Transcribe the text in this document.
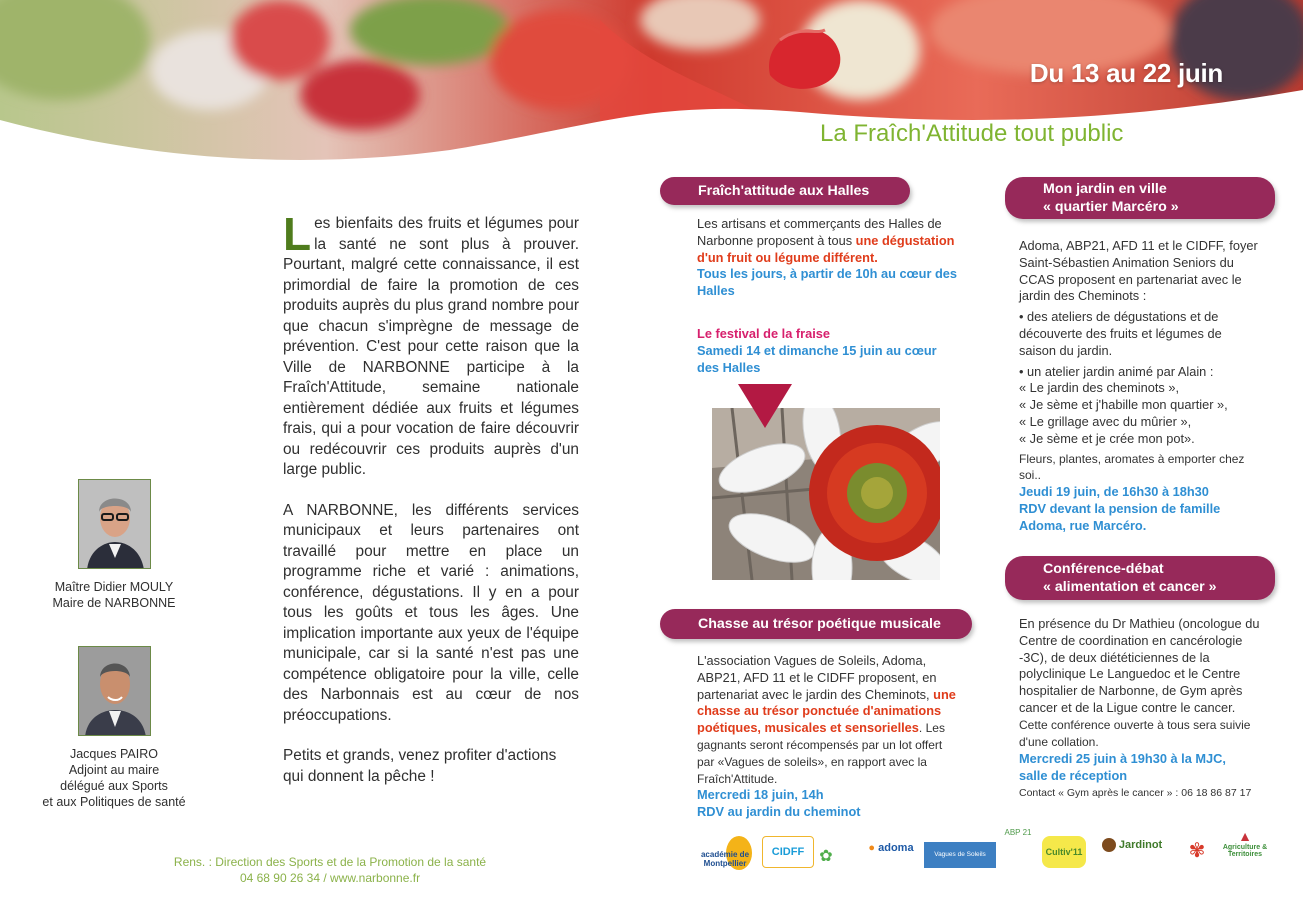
Du 13 au 22 juin
La Fraîch'Attitude tout public

Les bienfaits des fruits et légumes pour la santé ne sont plus à prouver. Pourtant, malgré cette connaissance, il est primordial de faire la promotion de ces produits auprès du plus grand nombre pour que chacun s'imprègne de message de prévention. C'est pour cette raison que la Ville de NARBONNE participe à la Fraîch'Attitude, semaine nationale entièrement dédiée aux fruits et légumes frais, qui a pour vocation de faire découvrir ou redécouvrir ces produits auprès d'un large public.

A NARBONNE, les différents services municipaux et leurs partenaires ont travaillé pour mettre en place un programme riche et varié : animations, conférence, dégustations. Il y en a pour tous les goûts et tous les âges. Une implication importante aux yeux de l'équipe municipale, car si la santé n'est pas une compétence obligatoire pour la ville, celle des Narbonnais est au cœur de nos préoccupations.

Petits et grands, venez profiter d'actions qui donnent la pêche !

Maître Didier MOULY
Maire de NARBONNE
Jacques PAIRO
Adjoint au maire
délégué aux Sports
et aux Politiques de santé
Rens. : Direction des Sports et de la Promotion de la santé
04 68 90 26 34 / www.narbonne.fr
Fraîch'attitude aux Halles
Les artisans et commerçants des Halles de Narbonne proposent à tous une dégustation d'un fruit ou légume différent.
Tous les jours, à partir de 10h au cœur des Halles
Le festival de la fraise
Samedi 14 et dimanche 15 juin au cœur des Halles
Chasse au trésor poétique musicale
L'association Vagues de Soleils, Adoma, ABP21, AFD 11 et le CIDFF proposent, en partenariat avec le jardin des Cheminots, une chasse au trésor ponctuée d'animations poétiques, musicales et sensorielles. Les gagnants seront récompensés par un lot offert par «Vagues de soleils», en rapport avec la Fraîch'Attitude.
Mercredi 18 juin, 14h
RDV au jardin du cheminot
Mon jardin en ville
« quartier Marcéro »
Adoma, ABP21, AFD 11 et le CIDFF, foyer Saint-Sébastien Animation Seniors du CCAS proposent en partenariat avec le jardin des Cheminots :
• des ateliers de dégustations et de découverte des fruits et légumes de saison du jardin.
• un atelier jardin animé par Alain :
« Le jardin des cheminots »,
« Je sème et j'habille mon quartier »,
« Le grillage avec du mûrier »,
« Je sème et je crée mon pot».
Fleurs, plantes, aromates à emporter chez soi..
Jeudi 19 juin, de 16h30 à 18h30
RDV devant la pension de famille Adoma, rue Marcéro.
Conférence-débat
« alimentation et cancer »
En présence du Dr Mathieu (oncologue du Centre de coordination en cancérologie -3C), de deux diététiciennes de la polyclinique Le Languedoc et le Centre hospitalier de Narbonne, de Gym après cancer et de la Ligue contre le cancer.
Cette conférence ouverte à tous sera suivie d'une collation.
Mercredi 25 juin à 19h30 à la MJC,
salle de réception
Contact « Gym après le cancer » : 06 18 86 87 17
académie de Montpellier
CIDFF ✿	● adoma
Vagues de Soleils
ABP 21
Cultiv'11
Jardinot	✾
▲
Agriculture & Territoires
